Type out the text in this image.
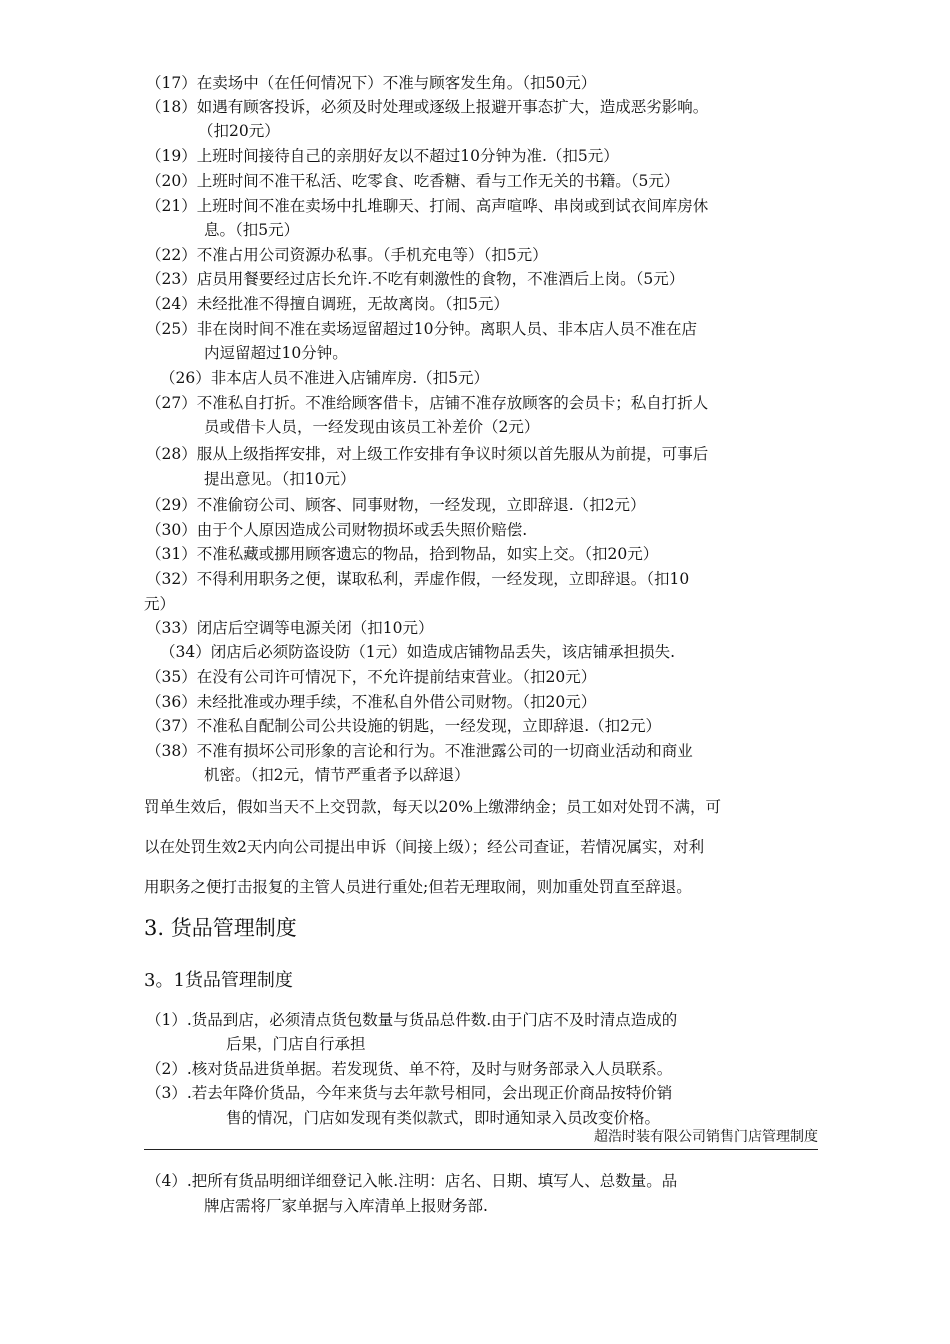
（17）在卖场中（在任何情况下）不准与顾客发生角。（扣50元）
（18）如遇有顾客投诉，必须及时处理或逐级上报避开事态扩大，造成恶劣影响。
（扣20元）
（19）上班时间接待自己的亲朋好友以不超过10分钟为准.（扣5元）
（20）上班时间不准干私活、吃零食、吃香糖、看与工作无关的书籍。（5元）
（21）上班时间不准在卖场中扎堆聊天、打闹、高声喧哗、串岗或到试衣间库房休
息。（扣5元）
（22）不准占用公司资源办私事。（手机充电等）（扣5元）
（23）店员用餐要经过店长允许.不吃有刺激性的食物，不准酒后上岗。（5元）
（24）未经批准不得擅自调班，无故离岗。（扣5元）
（25）非在岗时间不准在卖场逗留超过10分钟。离职人员、非本店人员不准在店
内逗留超过10分钟。
（26）非本店人员不准进入店铺库房.（扣5元）
（27）不准私自打折。不准给顾客借卡，店铺不准存放顾客的会员卡；私自打折人
员或借卡人员，一经发现由该员工补差价（2元）
（28）服从上级指挥安排，对上级工作安排有争议时须以首先服从为前提，可事后
提出意见。（扣10元）
（29）不准偷窃公司、顾客、同事财物，一经发现，立即辞退.（扣2元）
（30）由于个人原因造成公司财物损坏或丢失照价赔偿.
（31）不准私藏或挪用顾客遗忘的物品，拾到物品，如实上交。（扣20元）
（32）不得利用职务之便，谋取私利，弄虚作假，一经发现，立即辞退。（扣10
元）
（33）闭店后空调等电源关闭（扣10元）
（34）闭店后必须防盗设防（1元）如造成店铺物品丢失，该店铺承担损失.
（35）在没有公司许可情况下，不允许提前结束营业。（扣20元）
（36）未经批准或办理手续，不准私自外借公司财物。（扣20元）
（37）不准私自配制公司公共设施的钥匙，一经发现，立即辞退.（扣2元）
（38）不准有损坏公司形象的言论和行为。不准泄露公司的一切商业活动和商业
机密。（扣2元，情节严重者予以辞退）
罚单生效后，假如当天不上交罚款，每天以20%上缴滞纳金；员工如对处罚不满，可
以在处罚生效2天内向公司提出申诉（间接上级）；经公司查证，若情况属实，对利
用职务之便打击报复的主管人员进行重处;但若无理取闹，则加重处罚直至辞退。
3. 货品管理制度
3。1货品管理制度
（1）.货品到店，必须清点货包数量与货品总件数.由于门店不及时清点造成的
后果，门店自行承担
（2）.核对货品进货单据。若发现货、单不符，及时与财务部录入人员联系。
（3）.若去年降价货品，今年来货与去年款号相同，会出现正价商品按特价销
售的情况，门店如发现有类似款式，即时通知录入员改变价格。
超浩时装有限公司销售门店管理制度
（4）.把所有货品明细详细登记入帐.注明：店名、日期、填写人、总数量。品
牌店需将厂家单据与入库清单上报财务部.
